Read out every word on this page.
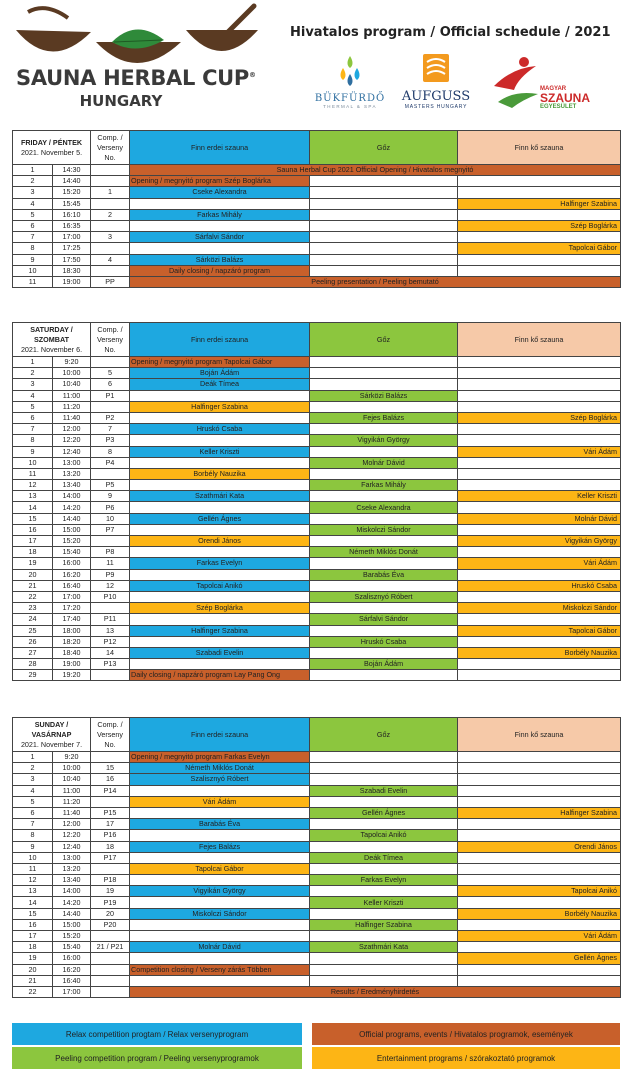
SAUNA HERBAL CUP®
HUNGARY
Hivatalos program / Official schedule / 2021
BÜKFÜRDŐ
THERMAL & SPA
AUFGUSS
MASTERS HUNGARY
MAGYAR
SZAUNA
EGYESÜLET
FRIDAY / PÉNTEK
2021. November 5.		Comp. / Verseny No.	Finn erdei szauna	Gőz	Finn kő szauna
1	14:30		Sauna Herbal Cup 2021 Official Opening / Hivatalos megnyitó		
2	14:40		Opening / megnyitó program Szép Boglárka		
3	15:20	1	Cseke Alexandra		
4	15:45				Halfinger Szabina
5	16:10	2	Farkas Mihály		
6	16:35				Szép Boglárka
7	17:00	3	Sárfalvi Sándor		
8	17:25				Tapolcai Gábor
9	17:50	4	Sárközi Balázs		
10	18:30		Daily closing / napzáró program		
11	19:00	PP	Peeling presentation / Peeling bemutató		
SATURDAY / SZOMBAT
2021. November 6.		Comp. / Verseny No.	Finn erdei szauna	Gőz	Finn kő szauna
1	9:20		Opening / megnyitó program Tapolcai Gábor		
2	10:00	5	Boján Ádám		
3	10:40	6	Deák Tímea		
4	11:00	P1		Sárközi Balázs	
5	11:20		Halfinger Szabina		
6	11:40	P2		Fejes Balázs	Szép Boglárka
7	12:00	7	Hruskó Csaba		
8	12:20	P3		Vigyikán György	
9	12:40	8	Keller Kriszti		Vári Ádám
10	13:00	P4		Molnár Dávid	
11	13:20		Borbély Nauzika		
12	13:40	P5		Farkas Mihály	
13	14:00	9	Szathmári Kata		Keller Kriszti
14	14:20	P6		Cseke Alexandra	
15	14:40	10	Gellén Ágnes		Molnár Dávid
16	15:00	P7		Miskolczi Sándor	
17	15:20		Orendi János		Vigyikán György
18	15:40	P8		Németh Miklós Donát	
19	16:00	11	Farkas Evelyn		Vári Ádám
20	16:20	P9		Barabás Éva	
21	16:40	12	Tapolcai Anikó		Hruskó Csaba
22	17:00	P10		Szalisznyó Róbert	
23	17:20		Szép Boglárka		Miskolczi Sándor
24	17:40	P11		Sárfalvi Sándor	
25	18:00	13	Halfinger Szabina		Tapolcai Gábor
26	18:20	P12		Hruskó Csaba	
27	18:40	14	Szabadi Evelin		Borbély Nauzika
28	19:00	P13		Boján Ádám	
29	19:20		Daily closing / napzáró program Lay Pang Ong		
SUNDAY / VASÁRNAP
2021. November 7.		Comp. / Verseny No.	Finn erdei szauna	Gőz	Finn kő szauna
1	9:20		Opening / megnyitó program Farkas Evelyn		
2	10:00	15	Németh Miklós Donát		
3	10:40	16	Szalisznyó Róbert		
4	11:00	P14		Szabadi Evelin	
5	11:20		Vári Ádám		
6	11:40	P15		Gellén Ágnes	Halfinger Szabina
7	12:00	17	Barabás Éva		
8	12:20	P16		Tapolcai Anikó	
9	12:40	18	Fejes Balázs		Orendi János
10	13:00	P17		Deák Tímea	
11	13:20		Tapolcai Gábor		
12	13:40	P18		Farkas Evelyn	
13	14:00	19	Vigyikán György		Tapolcai Anikó
14	14:20	P19		Keller Kriszti	
15	14:40	20	Miskolczi Sándor		Borbély Nauzika
16	15:00	P20		Halfinger Szabina	
17	15:20				Vári Ádám
18	15:40	21 / P21	Molnár Dávid	Szathmári Kata	
19	16:00				Gellén Ágnes
20	16:20		Competition closing / Verseny zárás Többen		
21	16:40				
22	17:00		Results / Eredményhirdetés		
Relax competition progtam / Relax versenyprogram	Official programs, events / Hivatalos programok, események
Peeling competition program / Peeling versenyprogramok	Entertainment programs / szórakoztató programok
